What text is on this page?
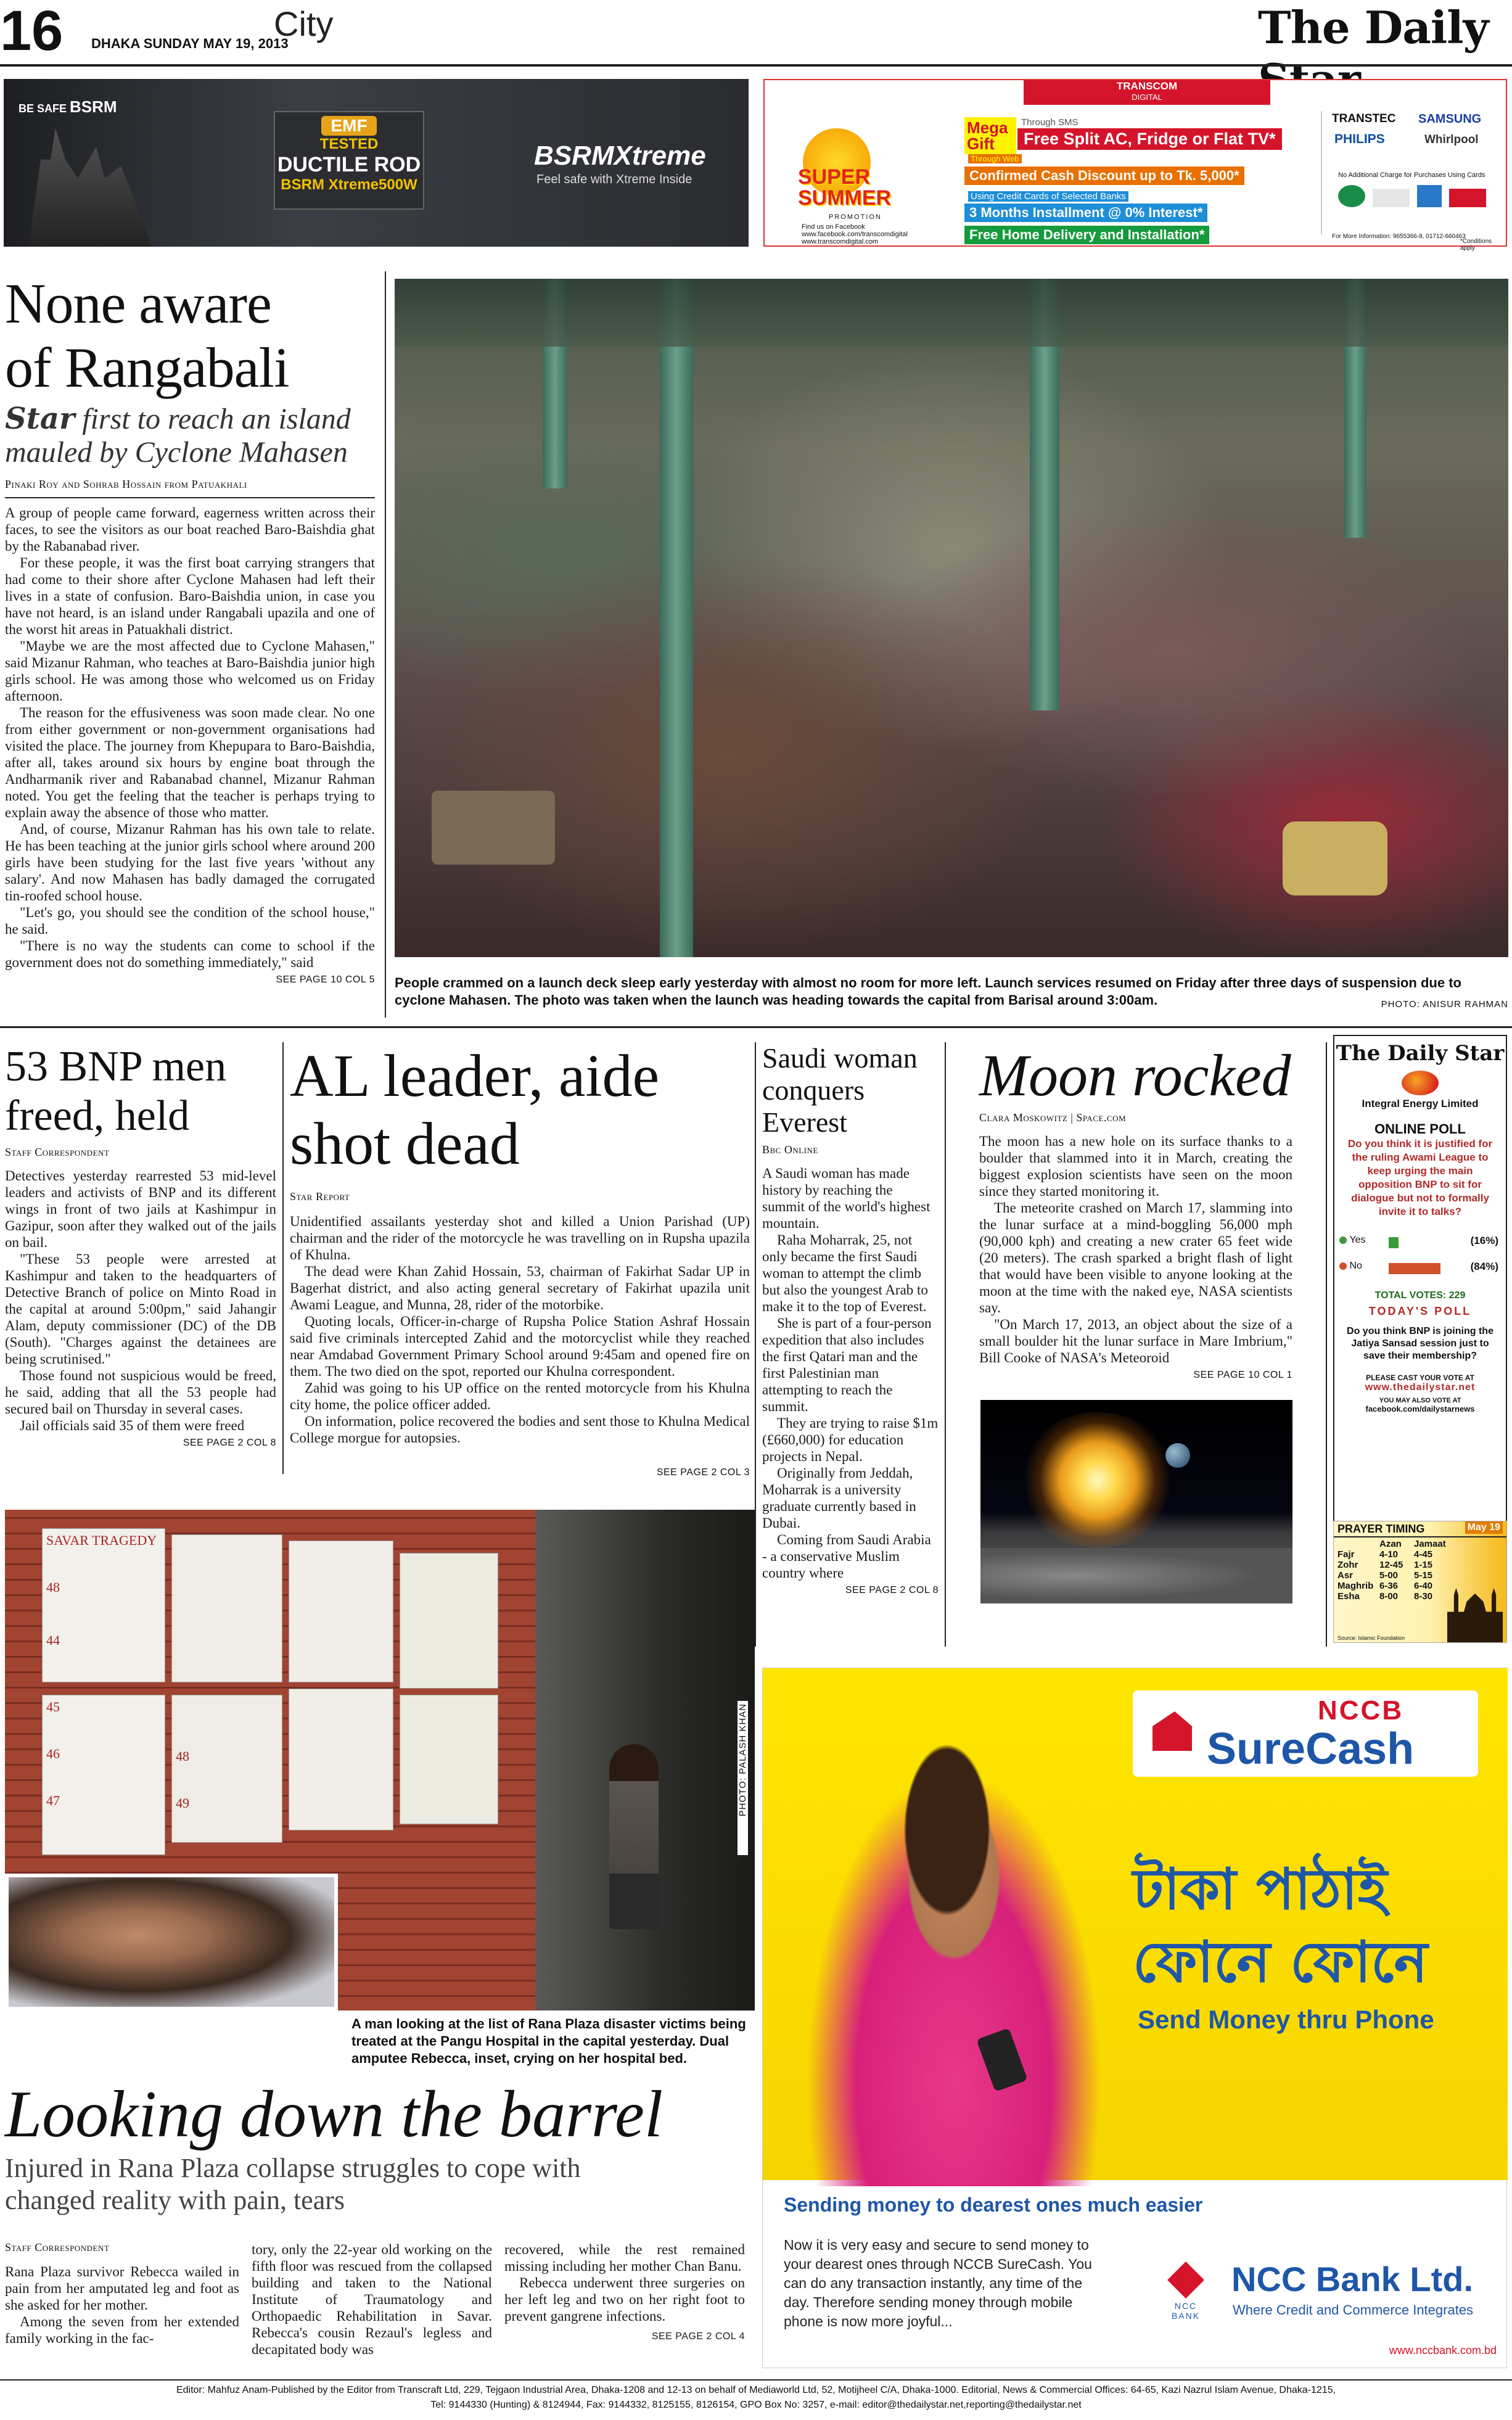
16 DHAKA SUNDAY MAY 19, 2013
City	The Daily
BE SAFE BSRM
EMF
TESTED
DUCTILE ROD
BSRM Xtreme500W
BSRMXtreme
Feel safe with Xtreme Inside
TRANSCOM
DIGITAL
SUPER SUMMER
PROMOTION
Find us on Facebook
www.facebook.com/transcomdigital
www.transcomdigital.com
Mega Gift
Through SMS
Free Split AC, Fridge or Flat TV*
Through Web
Confirmed Cash Discount up to Tk. 5,000*
Using Credit Cards of Selected Banks
3 Months Installment @ 0% Interest*
Free Home Delivery and Installation*
TRANSTEC SAMSUNG
PHILIPS	Whirlpool
No Additional Charge for Purchases Using Cards

For More Information: 9655366-8, 01712-660463
*Conditions apply
None aware
of Rangabali
Star first to reach an island
mauled by Cyclone Mahasen
Pinaki Roy and Sohrab Hossain from Patuakhali

A group of people came forward, eagerness written across their faces, to see the visitors as our boat reached Baro-Baishdia ghat by the Rabanabad river.

For these people, it was the first boat carrying strangers that had come to their shore after Cyclone Mahasen had left their lives in a state of confusion. Baro-Baishdia union, in case you have not heard, is an island under Rangabali upazila and one of the worst hit areas in Patuakhali district.

"Maybe we are the most affected due to Cyclone Mahasen," said Mizanur Rahman, who teaches at Baro-Baishdia junior high girls school. He was among those who welcomed us on Friday afternoon.

The reason for the effusiveness was soon made clear. No one from either government or non-government organisations had visited the place. The journey from Khepupara to Baro-Baishdia, after all, takes around six hours by engine boat through the Andharmanik river and Rabanabad channel, Mizanur Rahman noted. You get the feeling that the teacher is perhaps trying to explain away the absence of those who matter.

And, of course, Mizanur Rahman has his own tale to relate. He has been teaching at the junior girls school where around 200 girls have been studying for the last five years 'without any salary'. And now Mahasen has badly damaged the corrugated tin-roofed school house.

"Let's go, you should see the condition of the school house," he said.

"There is no way the students can come to school if the government does not do something immediately," said

SEE PAGE 10 COL 5 People crammed on a launch deck sleep early yesterday with almost no room for more left. Launch services resumed on Friday after three days of suspension due to cyclone Mahasen. The photo was taken when the launch was heading towards the capital from Barisal around 3:00am.	PHOTO: ANISUR RAHMAN
53 BNP men
freed, held
Staff Correspondent

Detectives yesterday rearrested 53 mid-level leaders and activists of BNP and its different wings in front of two jails at Kashimpur in Gazipur, soon after they walked out of the jails on bail.

"These 53 people were arrested at Kashimpur and taken to the headquarters of Detective Branch of police on Minto Road in the capital at around 5:00pm," said Jahangir Alam, deputy commissioner (DC) of the DB (South). "Charges against the detainees are being scrutinised."

Those found not suspicious would be freed, he said, adding that all the 53 people had secured bail on Thursday in several cases.

Jail officials said 35 of them were freed

SEE PAGE 2 COL 8
AL leader, aide
shot dead
Star Report

Unidentified assailants yesterday shot and killed a Union Parishad (UP) chairman and the rider of the motorcycle he was travelling on in Rupsha upazila of Khulna.

The dead were Khan Zahid Hossain, 53, chairman of Fakirhat Sadar UP in Bagerhat district, and also acting general secretary of Fakirhat upazila unit Awami League, and Munna, 28, rider of the motorbike.

Quoting locals, Officer-in-charge of Rupsha Police Station Ashraf Hossain said five criminals intercepted Zahid and the motorcyclist while they reached near Amdabad Government Primary School around 9:45am and opened fire on them. The two died on the spot, reported our Khulna correspondent.

Zahid was going to his UP office on the rented motorcycle from his Khulna city home, the police officer added.

On information, police recovered the bodies and sent those to Khulna Medical College morgue for autopsies.

SEE PAGE 2 COL 3
Saudi woman
conquers
Everest
Bbc Online

A Saudi woman has made history by reaching the summit of the world's highest mountain.

Raha Moharrak, 25, not only became the first Saudi woman to attempt the climb but also the youngest Arab to make it to the top of Everest.

She is part of a four-person expedition that also includes the first Qatari man and the first Palestinian man attempting to reach the summit.

They are trying to raise $1m (£660,000) for education projects in Nepal.

Originally from Jeddah, Moharrak is a university graduate currently based in Dubai.

Coming from Saudi Arabia - a conservative Muslim country where

SEE PAGE 2 COL 8
Moon rocked
Clara Moskowitz | Space.com

The moon has a new hole on its surface thanks to a boulder that slammed into it in March, creating the biggest explosion scientists have seen on the moon since they started monitoring it.

The meteorite crashed on March 17, slamming into the lunar surface at a mind-boggling 56,000 mph (90,000 kph) and creating a new crater 65 feet wide (20 meters). The crash sparked a bright flash of light that would have been visible to anyone looking at the moon at the time with the naked eye, NASA scientists say.

"On March 17, 2013, an object about the size of a small boulder hit the lunar surface in Mare Imbrium," Bill Cooke of NASA's Meteoroid

SEE PAGE 10 COL 1
The Daily Star
Integral Energy Limited
ONLINE POLL
Do you think it is justified for the ruling Awami League to keep urging the main opposition BNP to sit for dialogue but not to formally invite it to talks?
Yes	(16%)
No	(84%)
TOTAL VOTES: 229
TODAY'S POLL
Do you think BNP is joining the Jatiya Sansad session just to save their membership?
PLEASE CAST YOUR VOTE AT
www.thedailystar.net
YOU MAY ALSO VOTE AT
facebook.com/dailystarnews
PRAYER TIMING	May 19
	Azan	Jamaat
Fajr	4-10	4-45
Zohr	12-45	1-15
Asr	5-00	5-15
Maghrib	6-36	6-40
Esha	8-00	8-30
Source: Islamic Foundation
SAVAR TRAGEDY
48
44
45
46
47
48
49	PHOTO: PALASH KHAN
A man looking at the list of Rana Plaza disaster victims being treated at the Pangu Hospital in the capital yesterday. Dual amputee Rebecca, inset, crying on her hospital bed.
Looking down the barrel
Injured in Rana Plaza collapse struggles to cope with changed reality with pain, tears
Staff Correspondent

Rana Plaza survivor Rebecca wailed in pain from her amputated leg and foot as she asked for her mother.

Among the seven from her extended family working in the fac-

tory, only the 22-year old working on the fifth floor was rescued from the collapsed building and taken to the National Institute of Traumatology and Orthopaedic Rehabilitation in Savar. Rebecca's cousin Rezaul's legless and decapitated body was

recovered, while the rest remained missing including her mother Chan Banu.

Rebecca underwent three surgeries on her left leg and two on her right foot to prevent gangrene infections.

SEE PAGE 2 COL 4
NCCB
SureCash
টাকা পাঠাই ফোনে ফোনে
Send Money thru Phone
Sending money to dearest ones much easier
Now it is very easy and secure to send money to your dearest ones through NCCB SureCash. You can do any transaction instantly, any time of the day. Therefore sending money through mobile phone is now more joyful...
NCC BANK
NCC Bank Ltd.
Where Credit and Commerce Integrates
www.nccbank.com.bd
Editor: Mahfuz Anam-Published by the Editor from Transcraft Ltd, 229, Tejgaon Industrial Area, Dhaka-1208 and 12-13 on behalf of Mediaworld Ltd, 52, Motijheel C/A, Dhaka-1000. Editorial, News & Commercial Offices: 64-65, Kazi Nazrul Islam Avenue, Dhaka-1215,
Tel: 9144330 (Hunting) & 8124944, Fax: 9144332, 8125155, 8126154, GPO Box No: 3257, e-mail: editor@thedailystar.net,reporting@thedailystar.net
